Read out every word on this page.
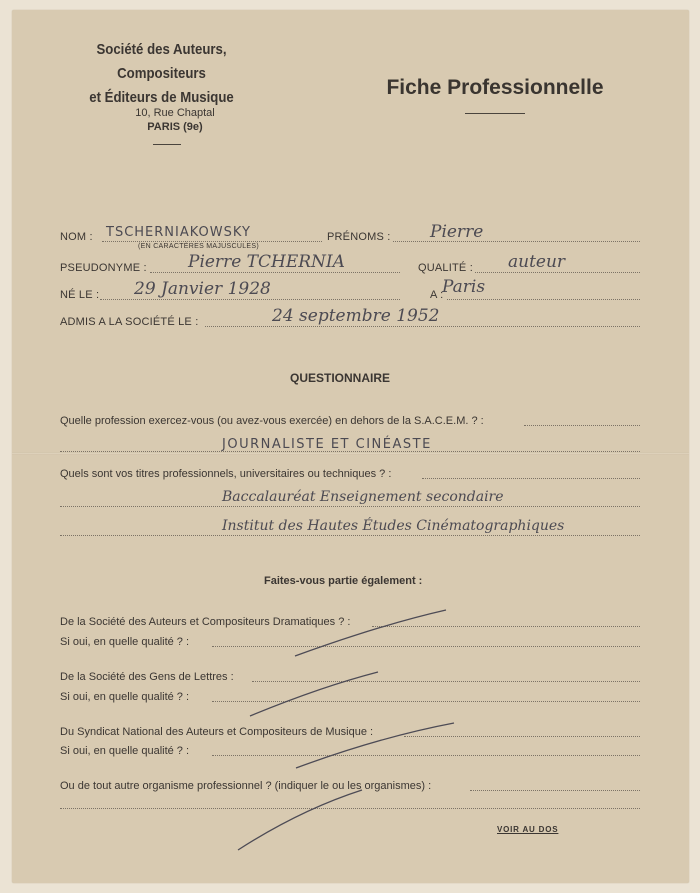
Société des Auteurs, Compositeurs
et Éditeurs de Musique
10, Rue Chaptal
PARIS (9e)
Fiche Professionnelle
NOM : TSCHERNIAKOWSKY
(EN CARACTÈRES MAJUSCULES)
PRÉNOMS : Pierre
PSEUDONYME : Pierre TCHERNIA	QUALITÉ : auteur
NÉ LE : 29 Janvier 1928	A :
Paris
ADMIS A LA SOCIÉTÉ LE :	24 septembre 1952
QUESTIONNAIRE
Quelle profession exercez-vous (ou avez-vous exercée) en dehors de la S.A.C.E.M. ? :
JOURNALISTE ET CINÉASTE
Quels sont vos titres professionnels, universitaires ou techniques ? :
Baccalauréat Enseignement secondaire
Institut des Hautes Études Cinématographiques
Faites-vous partie également :
De la Société des Auteurs et Compositeurs Dramatiques ? :
Si oui, en quelle qualité ? :
De la Société des Gens de Lettres :
Si oui, en quelle qualité ? :
Du Syndicat National des Auteurs et Compositeurs de Musique :
Si oui, en quelle qualité ? :
Ou de tout autre organisme professionnel ? (indiquer le ou les organismes) :
VOIR AU DOS
